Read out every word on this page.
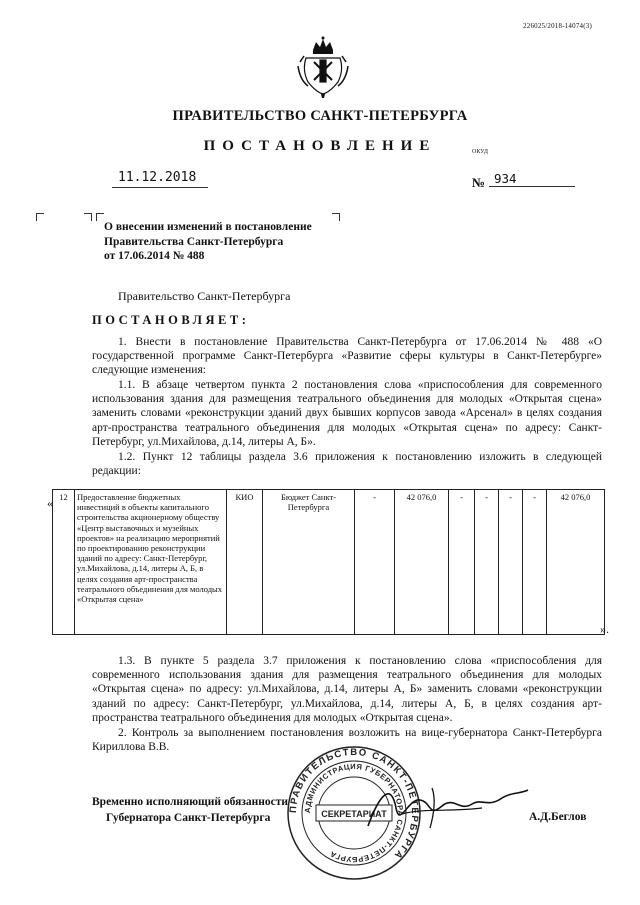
226025/2018-14074(3)
ПРАВИТЕЛЬСТВО САНКТ-ПЕТЕРБУРГА
ПОСТАНОВЛЕНИЕ	ОКУД
11.12.2018	№ 934
О внесении изменений в постановление
Правительства Санкт-Петербурга
от 17.06.2014 № 488
Правительство Санкт-Петербурга
ПОСТАНОВЛЯЕТ:
1. Внести в постановление Правительства Санкт-Петербурга от 17.06.2014 № 488 «О государственной программе Санкт-Петербурга «Развитие сферы культуры в Санкт-Петербурге» следующие изменения:
1.1. В абзаце четвертом пункта 2 постановления слова «приспособления для современного использования здания для размещения театрального объединения для молодых «Открытая сцена» заменить словами «реконструкции зданий двух бывших корпусов завода «Арсенал» в целях создания арт-пространства театрального объединения для молодых «Открытая сцена» по адресу: Санкт-Петербург, ул.Михайлова, д.14, литеры А, Б».
1.2. Пункт 12 таблицы раздела 3.6 приложения к постановлению изложить в следующей редакции:
« 12	Предоставление бюджетных инвестиций в объекты капитального строительства акционерному обществу «Центр выставочных и музейных проектов» на реализацию мероприятий по проектированию реконструкции зданий по адресу: Санкт-Петербург, ул.Михайлова, д.14, литеры А, Б, в целях создания арт-пространства театрального объединения для молодых «Открытая сцена»	КИО	Бюджет Санкт-Петербурга	-	42 076,0	-	-	-	-	42 076,0
».
1.3. В пункте 5 раздела 3.7 приложения к постановлению слова «приспособления для современного использования здания для размещения театрального объединения для молодых «Открытая сцена» по адресу: ул.Михайлова, д.14, литеры А, Б» заменить словами «реконструкции зданий по адресу: Санкт-Петербург, ул.Михайлова, д.14, литеры А, Б, в целях создания арт-пространства театрального объединения для молодых «Открытая сцена».
2. Контроль за выполнением постановления возложить на вице-губернатора Санкт-Петербурга Кириллова В.В.
Временно исполняющий обязанности
Губернатора Санкт-Петербурга	А.Д.Беглов
ПРАВИТЕЛЬСТВО САНКТ-ПЕТЕРБУРГА
АДМИНИСТРАЦИЯ ГУБЕРНАТОРА САНКТ-ПЕТЕРБУРГА
СЕКРЕТАРИАТ
